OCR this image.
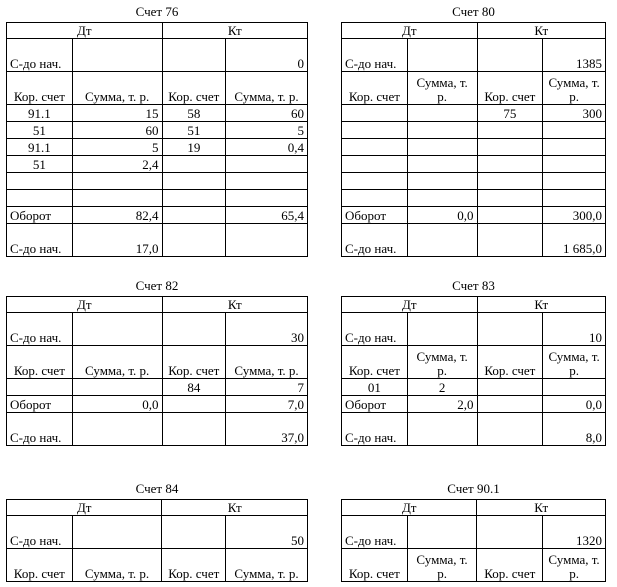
Счет 76
Дт		Кт	
С-до нач.			0
Кор. счет	Сумма, т. р.	Кор. счет	Сумма, т. р.
91.1	15	58	60
51	60	51	5
91.1	5	19	0,4
51	2,4		

Оборот	82,4		65,4
С-до нач.	17,0		
Счет 80
Дт		Кт	
С-до нач.			1385
Кор. счет	Сумма, т. р.	Кор. счет	Сумма, т. р.
		75	300

Оборот	0,0		300,0
С-до нач.			1 685,0
Счет 82
Дт		Кт	
С-до нач.			30
Кор. счет	Сумма, т. р.	Кор. счет	Сумма, т. р.
		84	7
Оборот	0,0		7,0
С-до нач.			37,0
Счет 83
Дт		Кт	
С-до нач.			10
Кор. счет	Сумма, т. р.	Кор. счет	Сумма, т. р.
01	2		
Оборот	2,0		0,0
С-до нач.			8,0
Счет 84
Дт		Кт	
С-до нач.			50
Кор. счет	Сумма, т. р.	Кор. счет	Сумма, т. р.
Счет 90.1
Дт		Кт	
С-до нач.			1320
Кор. счет	Сумма, т. р.	Кор. счет	Сумма, т. р.
